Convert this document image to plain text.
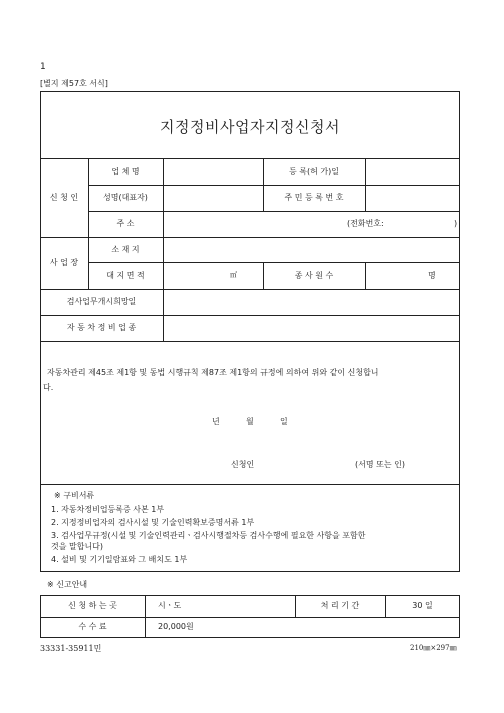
1
[별지 제57호 서식]
지정정비사업자지정신청서
신 청 인
업 체 명	등 록(허 가)일
성명(대표자)	주 민 등 록 번 호
주 소	(전화번호:	)
사 업 장
소 재 지
대 지 면 적	㎡	종 사 원 수	명
검사업무개시희망일
자 동 차 정 비 업 종
자동차관리 제45조 제1항 및 동법 시행규칙 제87조 제1항의 규정에 의하여 위와 같이 신청합니
다.
년	월	일
신청인	(서명 또는 인)
※ 구비서류
1. 자동차정비업등록증 사본 1부
2. 지정정비업자의 검사시설 및 기술인력확보증명서류 1부
3. 검사업무규정(시설 및 기술인력관리ㆍ검사시행절차등 검사수행에 필요한 사항을 포함한
것을 말합니다)
4. 설비 및 기기일람표와 그 배치도 1부
※ 신고안내
신 청 하 는 곳	시ㆍ도	처 리 기 간	30 일
수 수 료	20,000원
33331-35911민	210㎜×297㎜
